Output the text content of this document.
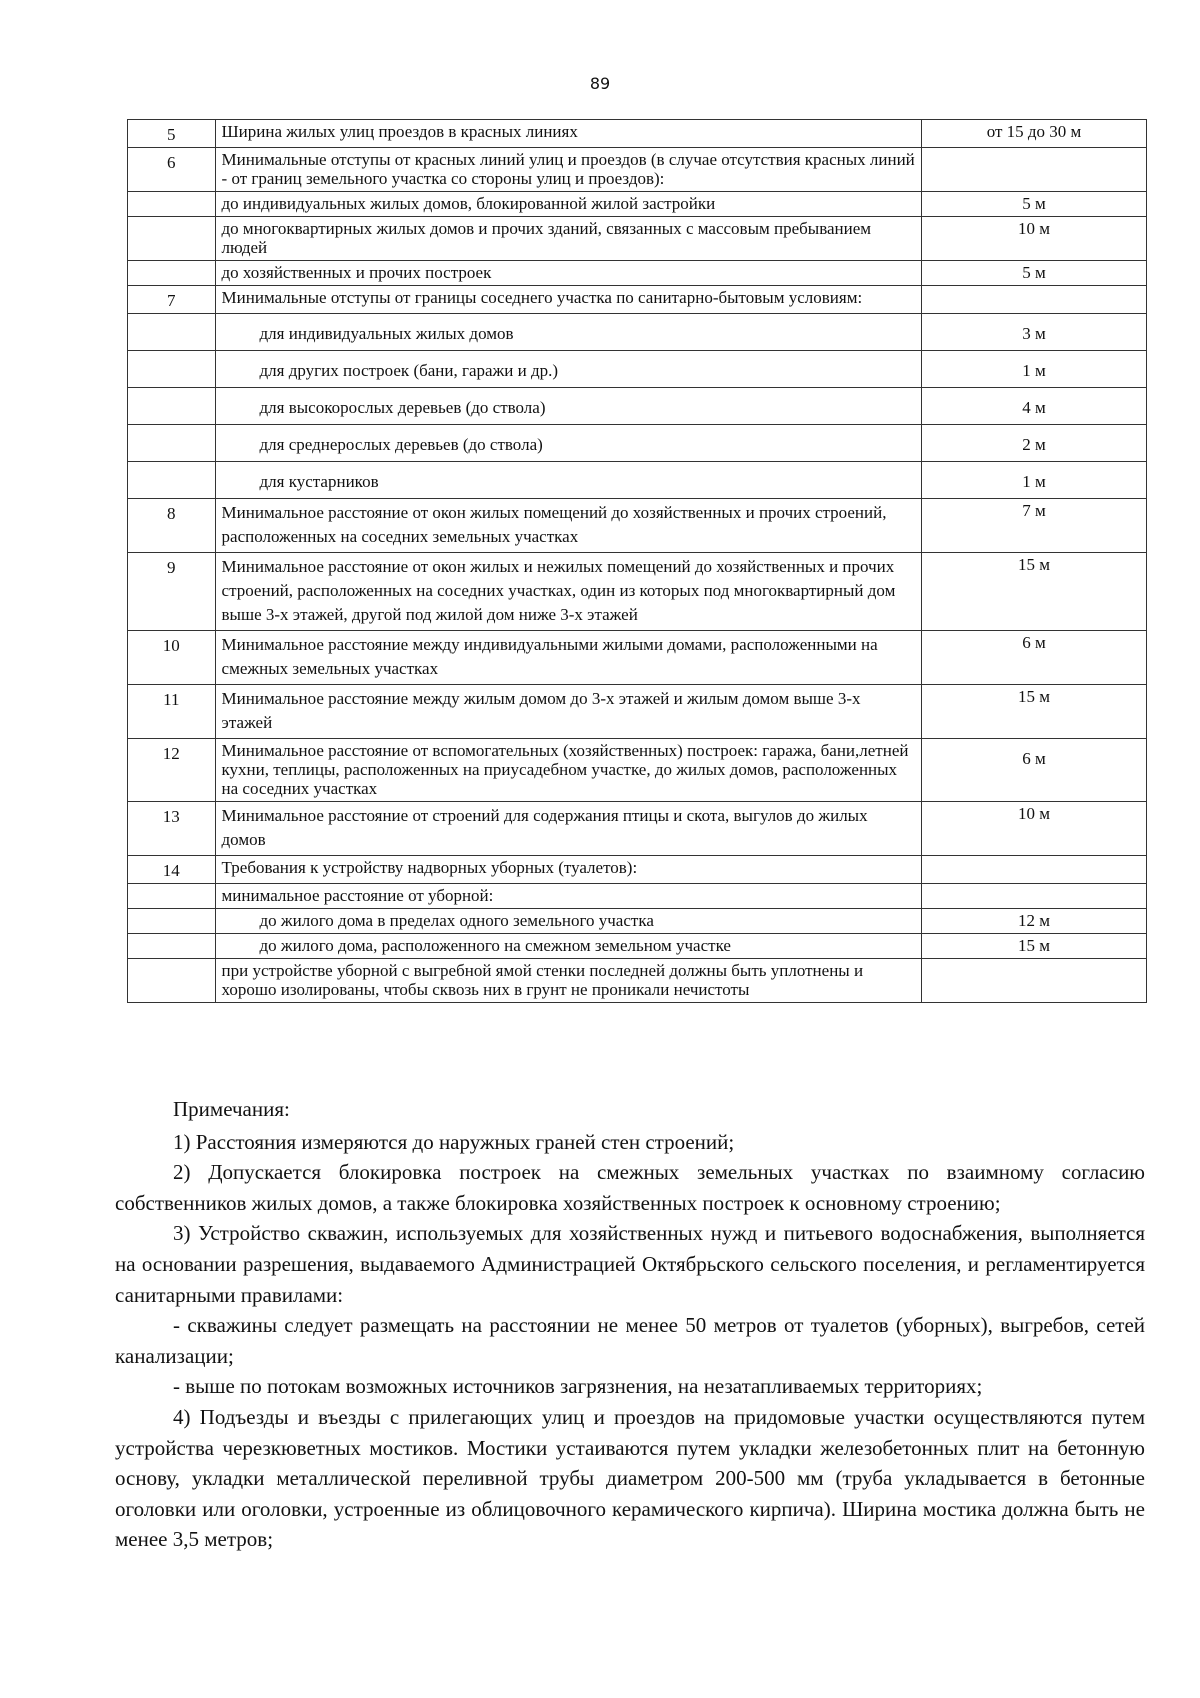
89
5	Ширина жилых улиц проездов в красных линиях	от 15 до 30 м
6	Минимальные отступы от красных линий улиц и проездов (в случае отсутствия красных линий - от границ земельного участка со стороны улиц и проездов):	
	до индивидуальных жилых домов, блокированной жилой застройки	5 м
	до многоквартирных жилых домов и прочих зданий, связанных с массовым пребыванием людей	10 м
	до хозяйственных и прочих построек	5 м
7	Минимальные отступы от границы соседнего участка по санитарно-бытовым условиям:	
	для индивидуальных жилых домов	3 м
	для других построек (бани, гаражи и др.)	1 м
	для высокорослых деревьев (до ствола)	4 м
	для среднерослых деревьев (до ствола)	2 м
	для кустарников	1 м
8	Минимальное расстояние от окон жилых помещений до хозяйственных и прочих строений, расположенных на соседних земельных участках	7 м
9	Минимальное расстояние от окон жилых и нежилых помещений до хозяйственных и прочих строений, расположенных на соседних участках, один из которых под многоквартирный дом выше 3-х этажей, другой под жилой дом ниже 3-х этажей	15 м
10	Минимальное расстояние между индивидуальными жилыми домами, расположенными на смежных земельных участках	6 м
11	Минимальное расстояние между жилым домом до 3-х этажей и жилым домом выше 3-х этажей	15 м
12	Минимальное расстояние от вспомогательных (хозяйственных) построек: гаража, бани,летней кухни, теплицы, расположенных на приусадебном участке, до жилых домов, расположенных на соседних участках	6 м
13	Минимальное расстояние от строений для содержания птицы и скота, выгулов до жилых домов	10 м
14	Требования к устройству надворных уборных (туалетов):	
	минимальное расстояние от уборной:	
	до жилого дома в пределах одного земельного участка	12 м
	до жилого дома, расположенного на смежном земельном участке	15 м
	при устройстве уборной с выгребной ямой стенки последней должны быть уплотнены и хорошо изолированы, чтобы сквозь них в грунт не проникали нечистоты	

Примечания:

1) Расстояния измеряются до наружных граней стен строений;

2) Допускается блокировка построек на смежных земельных участках по взаимному согласию собственников жилых домов, а также блокировка хозяйственных построек к основному строению;

3) Устройство скважин, используемых для хозяйственных нужд и питьевого водоснабжения, выполняется на основании разрешения, выдаваемого Администрацией Октябрьского сельского поселения, и регламентируется санитарными правилами:

- скважины следует размещать на расстоянии не менее 50 метров от туалетов (уборных), выгребов, сетей канализации;

- выше по потокам возможных источников загрязнения, на незатапливаемых территориях;

4) Подъезды и въезды с прилегающих улиц и проездов на придомовые участки осуществляются путем устройства черезкюветных мостиков. Мостики устаиваются путем укладки железобетонных плит на бетонную основу, укладки металлической переливной трубы диаметром 200-500 мм (труба укладывается в бетонные оголовки или оголовки, устроенные из облицовочного керамического кирпича). Ширина мостика должна быть не менее 3,5 метров;
